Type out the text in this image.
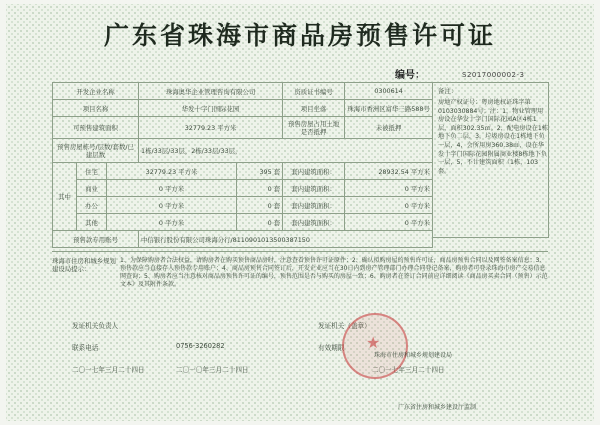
广东省珠海市商品房预售许可证
编号：	S2017000002-3
开发企业名称			珠海奥华企业管理咨询有限公司		资质证书编号	0300614
项目名称			华发十字门国际花园		项目坐落	珠海市香洲区富华三路588号
可预售建筑面积			32779.23 平方米		预售房屋占用土地是否抵押	未被抵押
预售房屋栋号/层数/套数/已建层数			1栋/33层/33层，2栋/33层/33层，			
其中	住宅	32779.23 平方米		395 套	套内建筑面积：	28932.54 平方米
	商业	0 平方米		0 套	套内建筑面积：	0 平方米
	办公	0 平方米		0 套	套内建筑面积：	0 平方米
	其他	0 平方米		0 套	套内建筑面积：	0 平方米
预售款专用账号			中信银行股份有限公司珠海分行/8110901013500387150			
备注：
房地产权证号：粤房地权证珠字第0103030884号；注：1，物业管理用房设在华发十字门国际花园A区4栋1层，面积302.35㎡。2，配电房设在1栋地下负二层，3，垃圾房设在1栋地下负一层，4，会所用房360.38㎡，设在华发十字门国际花园附属商业楼8栋地下负一层，5，不计建筑面积（1栋，103套。
珠海市住房和城乡规划建设局提示：
1、为保障购房者合法权益，请购房者在购买预售商品房时，注意查看预售许可证原件；2、确认拟购房屋的预售许可证，商品房预售合同以及网签备案信息；3、预售款应当直接存入预售款专用账户；4、商品房预售合同签订后，开发企业应当在30日内到房产管理部门办理合同登记备案，购房者可登录珠海市房产交易信息网查询；5、购房者应当注意核对商品房预售许可证的编号，预售范围是否与购买的房屋一致；6、购房者在签订合同前应详细阅读《商品房买卖合同（预售）示范文本》及其附件条款。
发证机关负责人
联系电话	0756-3260282
二〇一七年三月二十四日	二〇一〇年三月二十四日
发证机关（盖章）
有效期限
二〇一七年三月二十四日
★
珠海市住房和城乡规划建设局
广东省住房和城乡建设厅监制
